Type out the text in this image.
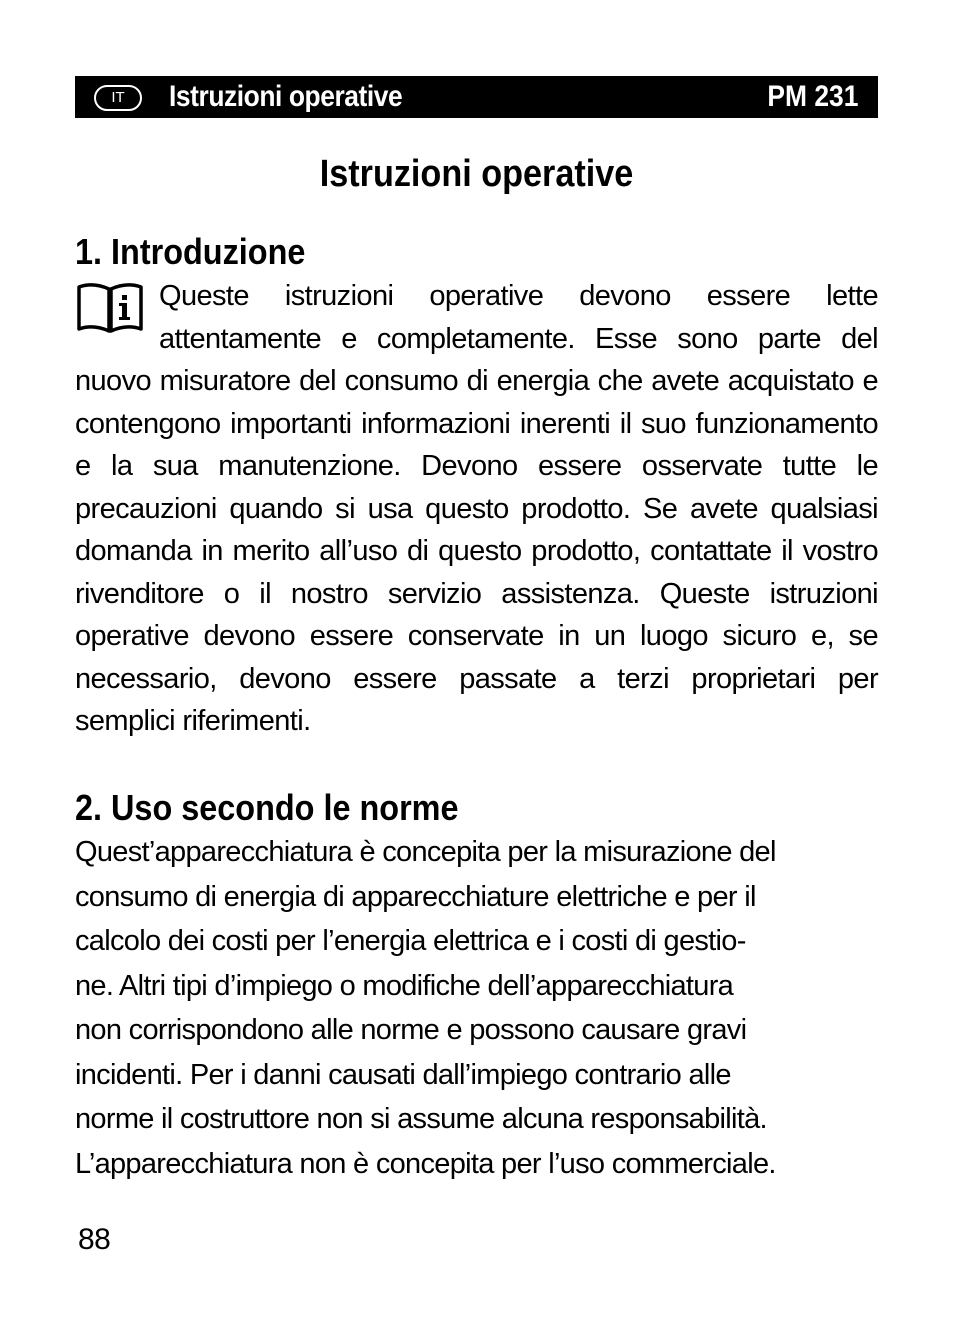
IT	Istruzioni operative	PM 231
Istruzioni operative
1. Introduzione
Queste istruzioni operative devono essere lette attentamente e completamente. Esse sono parte del nuovo misuratore del consumo di energia che avete acquistato e contengono importanti informazioni inerenti il suo funzionamento e la sua manutenzione. Devono essere osservate tutte le precauzioni quando si usa questo prodotto. Se avete qualsiasi domanda in merito all’uso di questo prodotto, contattate il vostro rivenditore o il nostro servizio assistenza. Queste istruzioni operative devono essere conservate in un luogo sicuro e, se necessario, devono essere passate a terzi proprietari per semplici riferimenti.
2. Uso secondo le norme
Quest’apparecchiatura è concepita per la misurazione del
consumo di energia di apparecchiature elettriche e per il
calcolo dei costi per l’energia elettrica e i costi di gestio-
ne. Altri tipi d’impiego o modifiche dell’apparecchiatura
non corrispondono alle norme e possono causare gravi
incidenti. Per i danni causati dall’impiego contrario alle
norme il costruttore non si assume alcuna responsabilità.
L’apparecchiatura non è concepita per l’uso commerciale.
88
